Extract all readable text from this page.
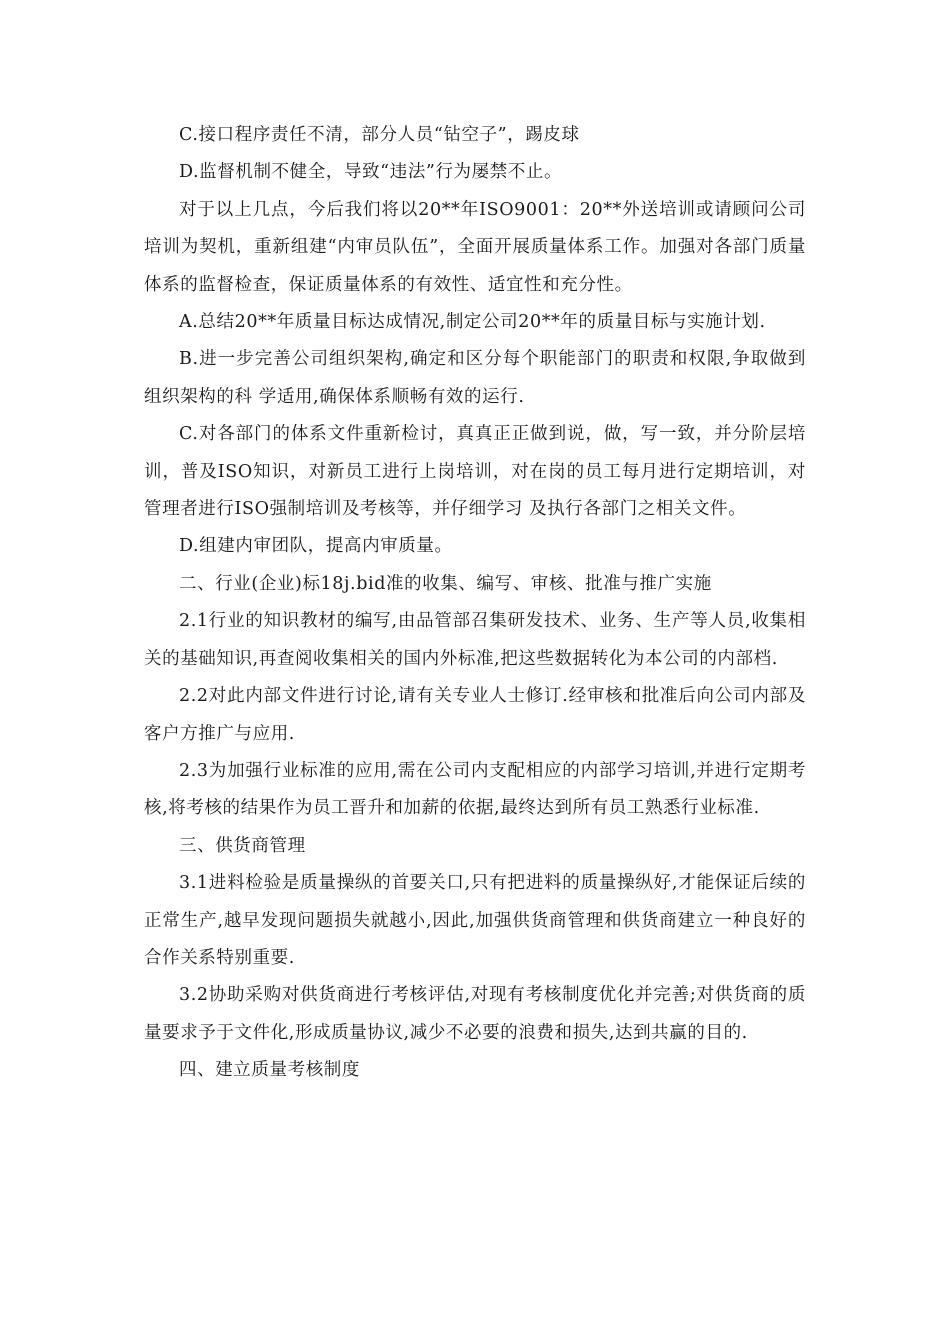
C.接口程序责任不清，部分人员“钻空子”，踢皮球

D.监督机制不健全，导致“违法”行为屡禁不止。

对于以上几点，今后我们将以20**年ISO9001：20**外送培训或请顾问公司培训为契机，重新组建“内审员队伍”，全面开展质量体系工作。加强对各部门质量体系的监督检查，保证质量体系的有效性、适宜性和充分性。

A.总结20**年质量目标达成情况,制定公司20**年的质量目标与实施计划.

B.进一步完善公司组织架构,确定和区分每个职能部门的职责和权限,争取做到组织架构的科 学适用,确保体系顺畅有效的运行.

C.对各部门的体系文件重新检讨，真真正正做到说，做，写一致，并分阶层培训，普及ISO知识，对新员工进行上岗培训，对在岗的员工每月进行定期培训，对管理者进行ISO强制培训及考核等，并仔细学习 及执行各部门之相关文件。

D.组建内审团队，提高内审质量。

二、行业(企业)标18j.bid准的收集、编写、审核、批准与推广实施

2.1行业的知识教材的编写,由品管部召集研发技术、业务、生产等人员,收集相关的基础知识,再查阅收集相关的国内外标准,把这些数据转化为本公司的内部档.

2.2对此内部文件进行讨论,请有关专业人士修订.经审核和批准后向公司内部及客户方推广与应用.

2.3为加强行业标准的应用,需在公司内支配相应的内部学习培训,并进行定期考核,将考核的结果作为员工晋升和加薪的依据,最终达到所有员工熟悉行业标准.

三、供货商管理

3.1进料检验是质量操纵的首要关口,只有把进料的质量操纵好,才能保证后续的正常生产,越早发现问题损失就越小,因此,加强供货商管理和供货商建立一种良好的合作关系特别重要.

3.2协助采购对供货商进行考核评估,对现有考核制度优化并完善;对供货商的质量要求予于文件化,形成质量协议,减少不必要的浪费和损失,达到共赢的目的.

四、建立质量考核制度
